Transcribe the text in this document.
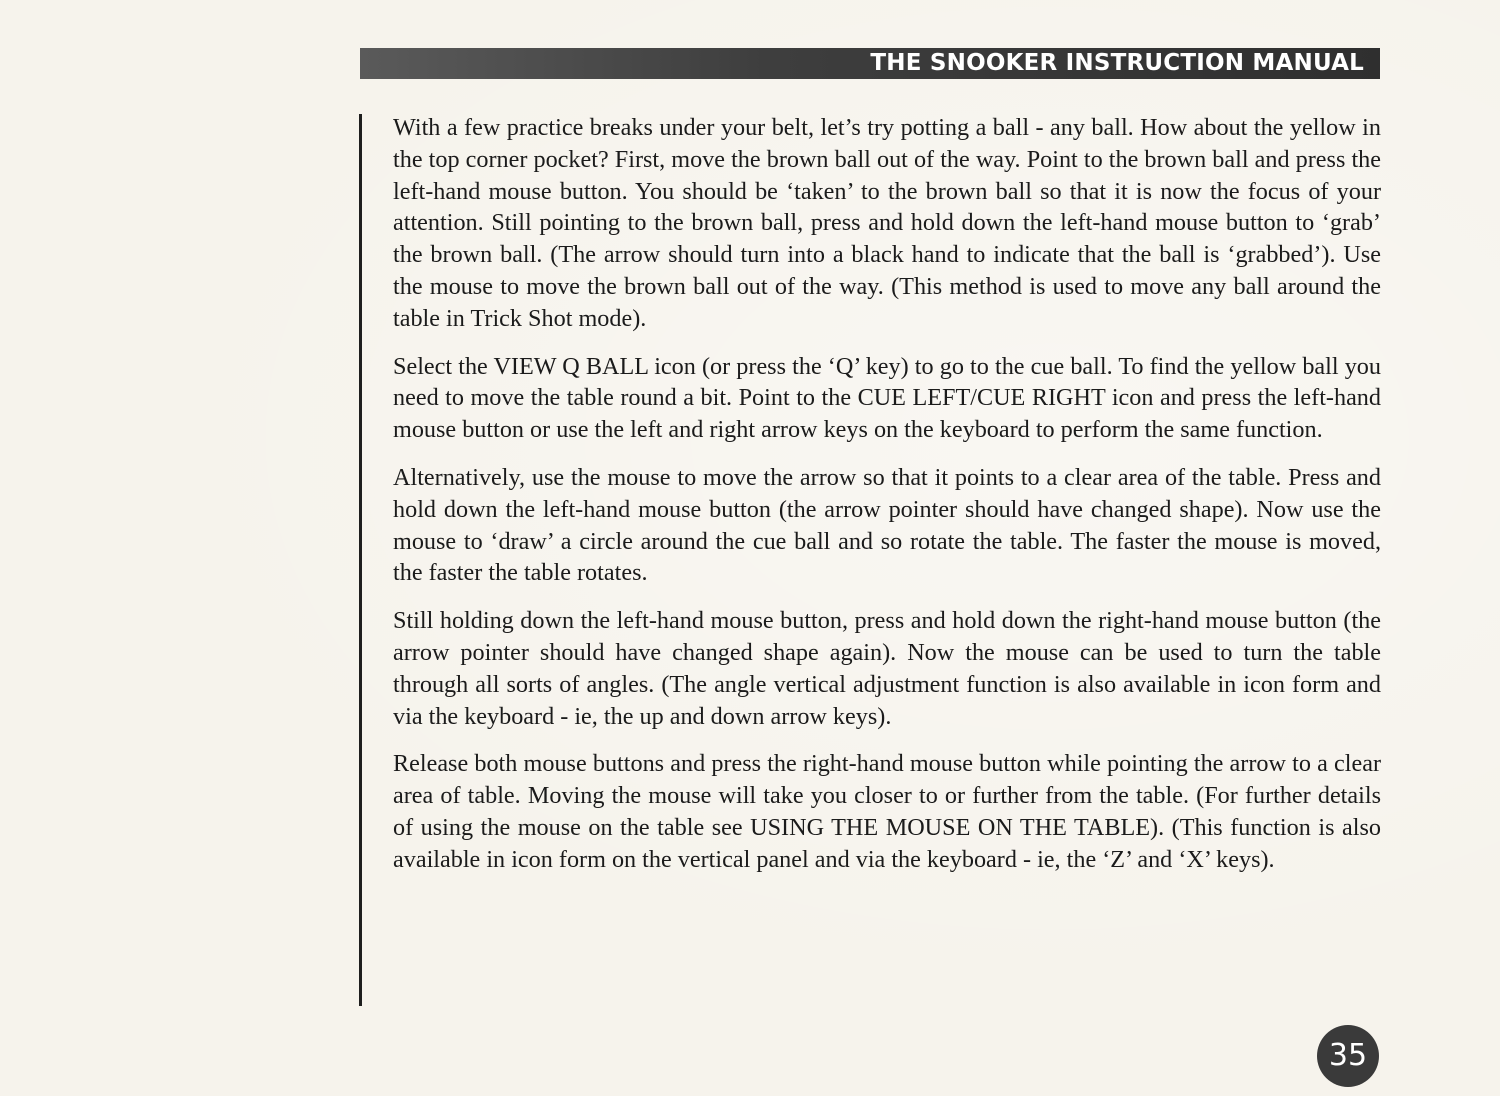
THE SNOOKER INSTRUCTION MANUAL

With a few practice breaks under your belt, let’s try potting a ball - any ball. How about the yellow in the top corner pocket? First, move the brown ball out of the way. Point to the brown ball and press the left-hand mouse button. You should be ‘taken’ to the brown ball so that it is now the focus of your attention. Still pointing to the brown ball, press and hold down the left-hand mouse button to ‘grab’ the brown ball. (The arrow should turn into a black hand to indicate that the ball is ‘grabbed’). Use the mouse to move the brown ball out of the way. (This method is used to move any ball around the table in Trick Shot mode).

Select the VIEW Q BALL icon (or press the ‘Q’ key) to go to the cue ball. To find the yellow ball you need to move the table round a bit. Point to the CUE LEFT/CUE RIGHT icon and press the left-hand mouse button or use the left and right arrow keys on the keyboard to perform the same function.

Alternatively, use the mouse to move the arrow so that it points to a clear area of the table. Press and hold down the left-hand mouse button (the arrow pointer should have changed shape). Now use the mouse to ‘draw’ a circle around the cue ball and so rotate the table. The faster the mouse is moved, the faster the table rotates.

Still holding down the left-hand mouse button, press and hold down the right-hand mouse button (the arrow pointer should have changed shape again). Now the mouse can be used to turn the table through all sorts of angles. (The angle vertical adjustment function is also available in icon form and via the keyboard - ie, the up and down arrow keys).

Release both mouse buttons and press the right-hand mouse button while pointing the arrow to a clear area of table. Moving the mouse will take you closer to or further from the table. (For further details of using the mouse on the table see USING THE MOUSE ON THE TABLE). (This function is also available in icon form on the vertical panel and via the keyboard - ie, the ‘Z’ and ‘X’ keys).

35
